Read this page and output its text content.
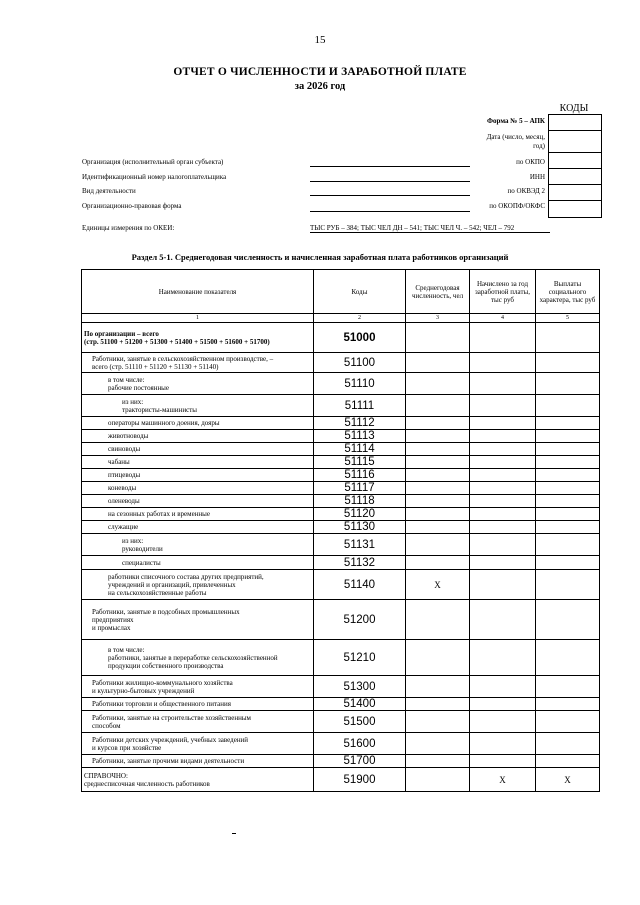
15
ОТЧЕТ О ЧИСЛЕННОСТИ И ЗАРАБОТНОЙ ПЛАТЕ
за 2026 год
КОДЫ
Форма № 5 – АПК
Дата (число, месяц,
год)
Организация (исполнительный орган субъекта)	по ОКПО
Идентификационный номер налогоплательщика	ИНН
Вид деятельности	по ОКВЭД 2
Организационно-правовая форма	по ОКОПФ/ОКФС
Единицы измерения по ОКЕИ:	ТЫС РУБ – 384; ТЫС ЧЕЛ ДН – 541; ТЫС ЧЕЛ Ч. – 542; ЧЕЛ – 792
Раздел 5-1. Среднегодовая численность и начисленная заработная плата работников организаций
Наименование показателя	Коды	Среднегодовая численность, чел	Начислено за год заработной платы, тыс руб	Выплаты социального характера, тыс руб
1	2	3	4	5

По организации – всего
(стр. 51100 + 51200 + 51300 + 51400 + 51500 + 51600 + 51700)	51000			

Работники, занятые в сельскохозяйственном производстве, –
всего (стр. 51110 + 51120 + 51130 + 51140)	51100			

в том числе:
рабочие постоянные	51110			

из них:
трактористы-машинисты	51111			

операторы машинного доения, дояры	51112			

животноводы	51113			

свиноводы	51114			

чабаны	51115			

птицеводы	51116			

коневоды	51117			

оленеводы	51118			

на сезонных работах и временные	51120			

служащие	51130			

из них:
руководители	51131			

специалисты	51132			

работники списочного состава других предприятий,
учреждений и организаций, привлеченных
на сельскохозяйственные работы	51140	X		

Работники, занятые в подсобных промышленных
предприятиях
и промыслах	51200			

в том числе:
работники, занятые в переработке сельскохозяйственной
продукции собственного производства	51210			

Работники жилищно-коммунального хозяйства
и культурно-бытовых учреждений	51300			

Работники торговли и общественного питания	51400			

Работники, занятые на строительстве хозяйственным
способом	51500			

Работники детских учреждений, учебных заведений
и курсов при хозяйстве	51600			

Работники, занятые прочими видами деятельности	51700			

СПРАВОЧНО:
среднесписочная численность работников	51900		X	X
